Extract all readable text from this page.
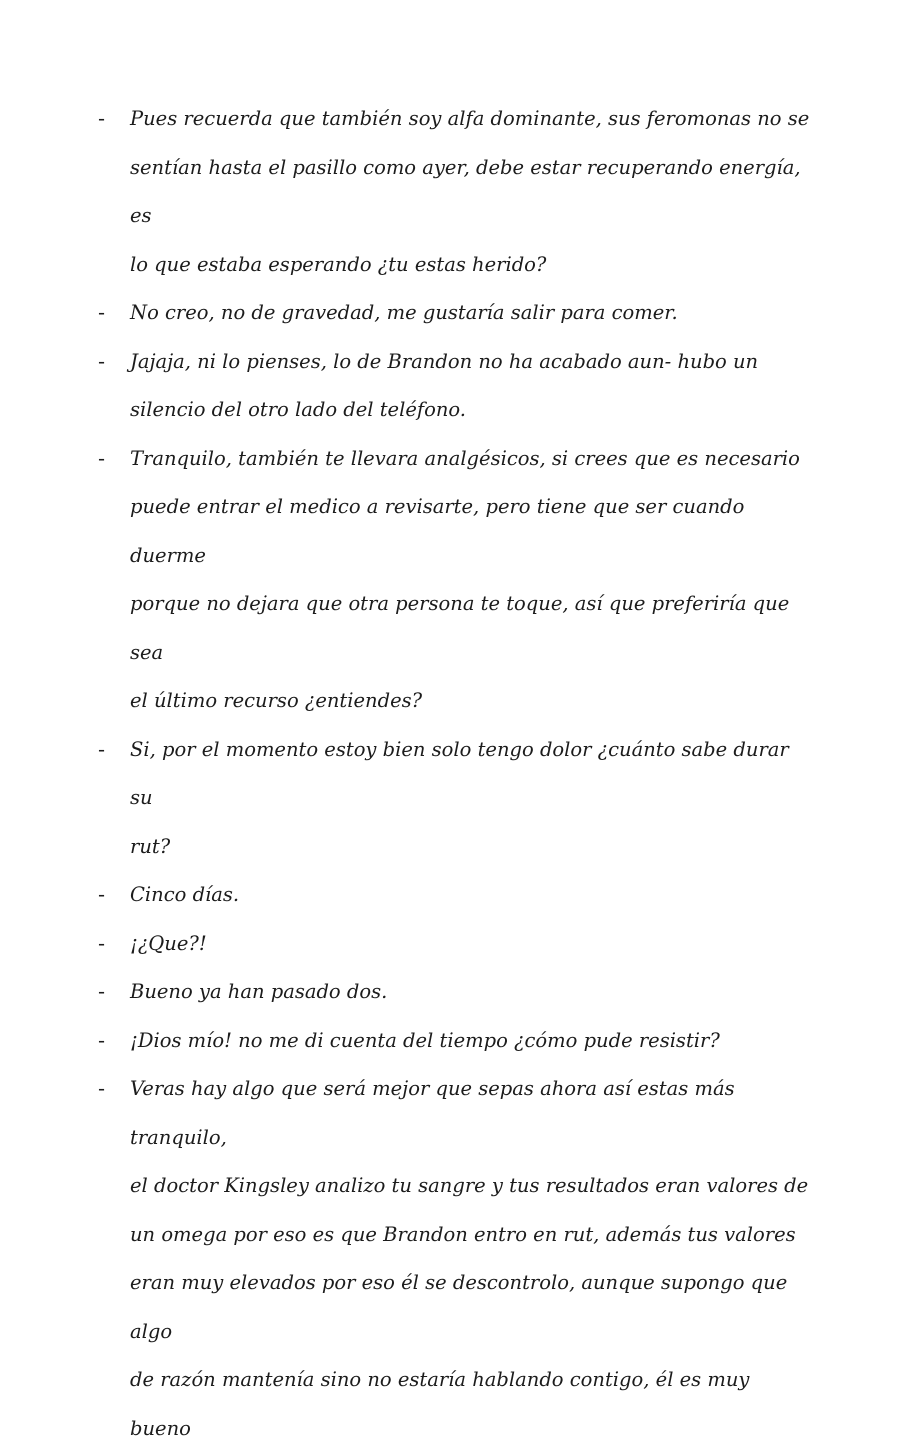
- Pues recuerda que también soy alfa dominante, sus feromonas no se
sentían hasta el pasillo como ayer, debe estar recuperando energía, es
lo que estaba esperando ¿tu estas herido?
- No creo, no de gravedad, me gustaría salir para comer.
- Jajaja, ni lo pienses, lo de Brandon no ha acabado aun- hubo un
silencio del otro lado del teléfono.
- Tranquilo, también te llevara analgésicos, si crees que es necesario
puede entrar el medico a revisarte, pero tiene que ser cuando duerme
porque no dejara que otra persona te toque, así que preferiría que sea
el último recurso ¿entiendes?
- Si, por el momento estoy bien solo tengo dolor ¿cuánto sabe durar su
rut?
- Cinco días.
- ¡¿Que?!
- Bueno ya han pasado dos.
- ¡Dios mío! no me di cuenta del tiempo ¿cómo pude resistir?
- Veras hay algo que será mejor que sepas ahora así estas más tranquilo,
el doctor Kingsley analizo tu sangre y tus resultados eran valores de
un omega por eso es que Brandon entro en rut, además tus valores
eran muy elevados por eso él se descontrolo, aunque supongo que algo
de razón mantenía sino no estaría hablando contigo, él es muy bueno
